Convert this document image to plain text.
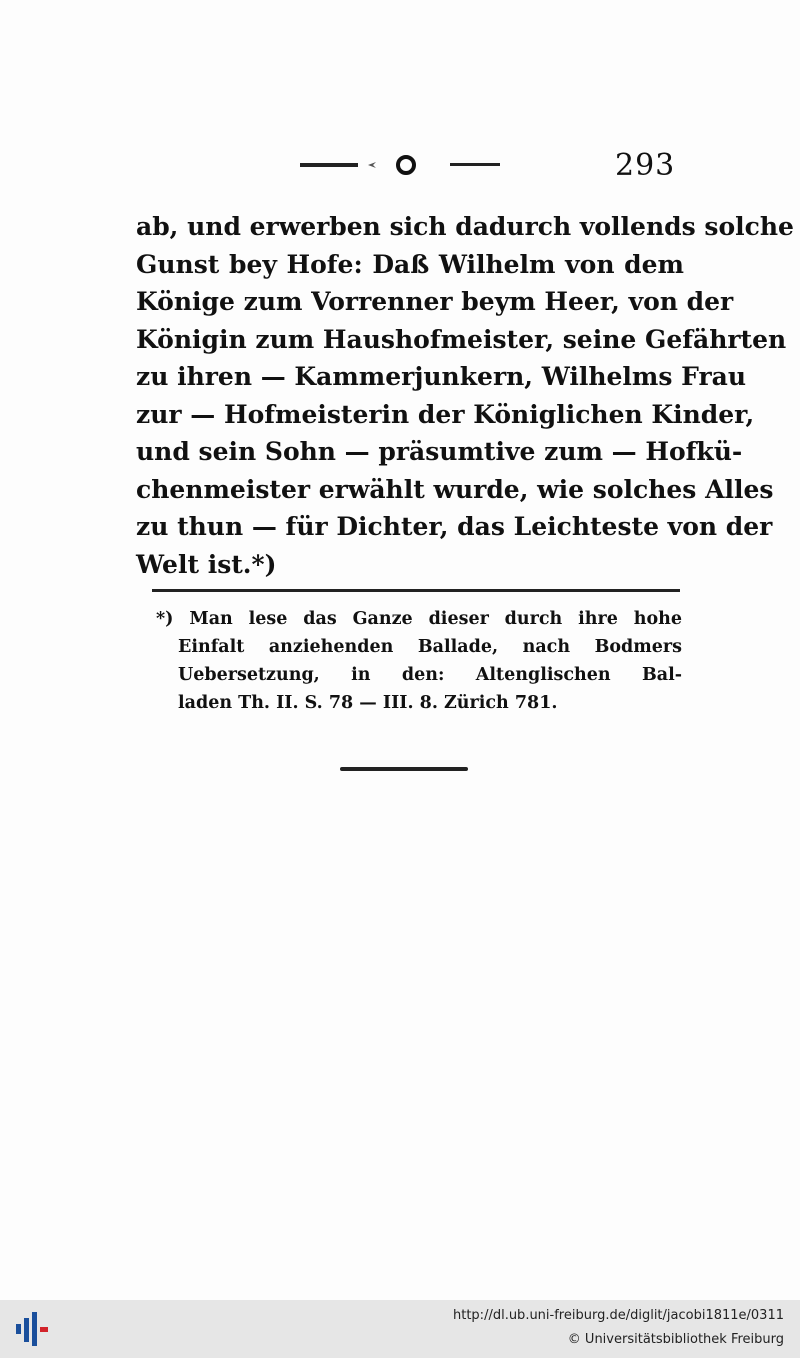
293
ab, und erwerben sich dadurch vollends solche
Gunst bey Hofe: Daß Wilhelm von dem
Könige zum Vorrenner beym Heer, von der
Königin zum Haushofmeister, seine Gefährten
zu ihren — Kammerjunkern, Wilhelms Frau
zur — Hofmeisterin der Königlichen Kinder,
und sein Sohn — präsumtive zum — Hofkü-
chenmeister erwählt wurde, wie solches Alles
zu thun — für Dichter, das Leichteste von der
Welt ist.*)
*) Man lese das Ganze dieser durch ihre hohe
Einfalt anziehenden Ballade, nach Bodmers
Uebersetzung, in den: Altenglischen Bal-
laden Th. II. S. 78 — III. 8. Zürich 781.
http://dl.ub.uni-freiburg.de/diglit/jacobi1811e/0311
© Universitätsbibliothek Freiburg
